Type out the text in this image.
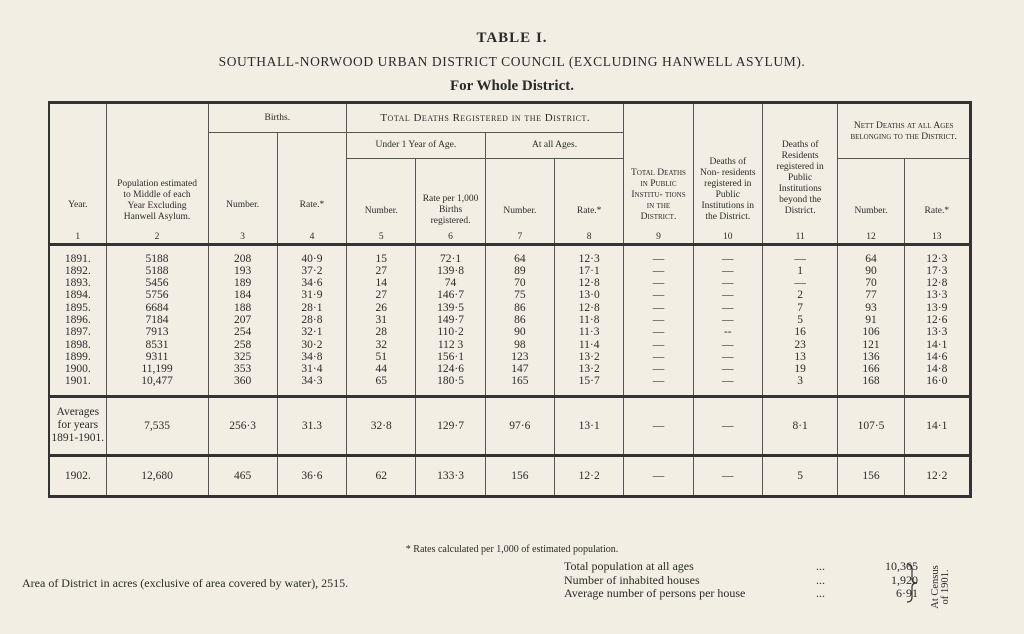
TABLE I.
SOUTHALL-NORWOOD URBAN DISTRICT COUNCIL (EXCLUDING HANWELL ASYLUM).
For Whole District.
Year.	Population estimated to Middle of each Year Excluding Hanwell Asylum.	Births.		Total Deaths Registered in the District.				Total Deaths in Public Institu- tions in the District.	Deaths of Non- residents registered in Public Institutions in the District.	Deaths of Residents registered in Public Institutions beyond the District.	Nett Deaths at all Ages belonging to the District.	
		Number.	Rate.*	Under 1 Year of Age.		At all Ages.						
				Number.	Rate per 1,000 Births registered.	Number.	Rate.*				Number.	Rate.*
1	2	3	4	5	6	7	8	9	10	11	12	13
1891.	5188	208	40·9	15	72·1	64	12·3	—	—	—	64	12·3
1892.	5188	193	37·2	27	139·8	89	17·1	—	—	1	90	17·3
1893.	5456	189	34·6	14	74	70	12·8	—	—	—	70	12·8
1894.	5756	184	31·9	27	146·7	75	13·0	—	—	2	77	13·3
1895.	6684	188	28·1	26	139·5	86	12·8	—	—	7	93	13·9
1896.	7184	207	28·8	31	149·7	86	11·8	—	—	5	91	12·6
1897.	7913	254	32·1	28	110·2	90	11·3	—	--	16	106	13·3
1898.	8531	258	30·2	32	112 3	98	11·4	—	—	23	121	14·1
1899.	9311	325	34·8	51	156·1	123	13·2	—	—	13	136	14·6
1900.	11,199	353	31·4	44	124·6	147	13·2	—	—	19	166	14·8
1901.	10,477	360	34·3	65	180·5	165	15·7	—	—	3	168	16·0
Averages for years 1891-1901.	7,535	256·3	31.3	32·8	129·7	97·6	13·1	—	—	8·1	107·5	14·1
1902.	12,680	465	36·6	62	133·3	156	12·2	—	—	5	156	12·2
* Rates calculated per 1,000 of estimated population.
Area of District in acres (exclusive of area covered by water), 2515.
Total population at all ages	...	10,365
Number of inhabited houses	...	1,920
Average number of persons per house	...	6·91 At Census of 1901.
